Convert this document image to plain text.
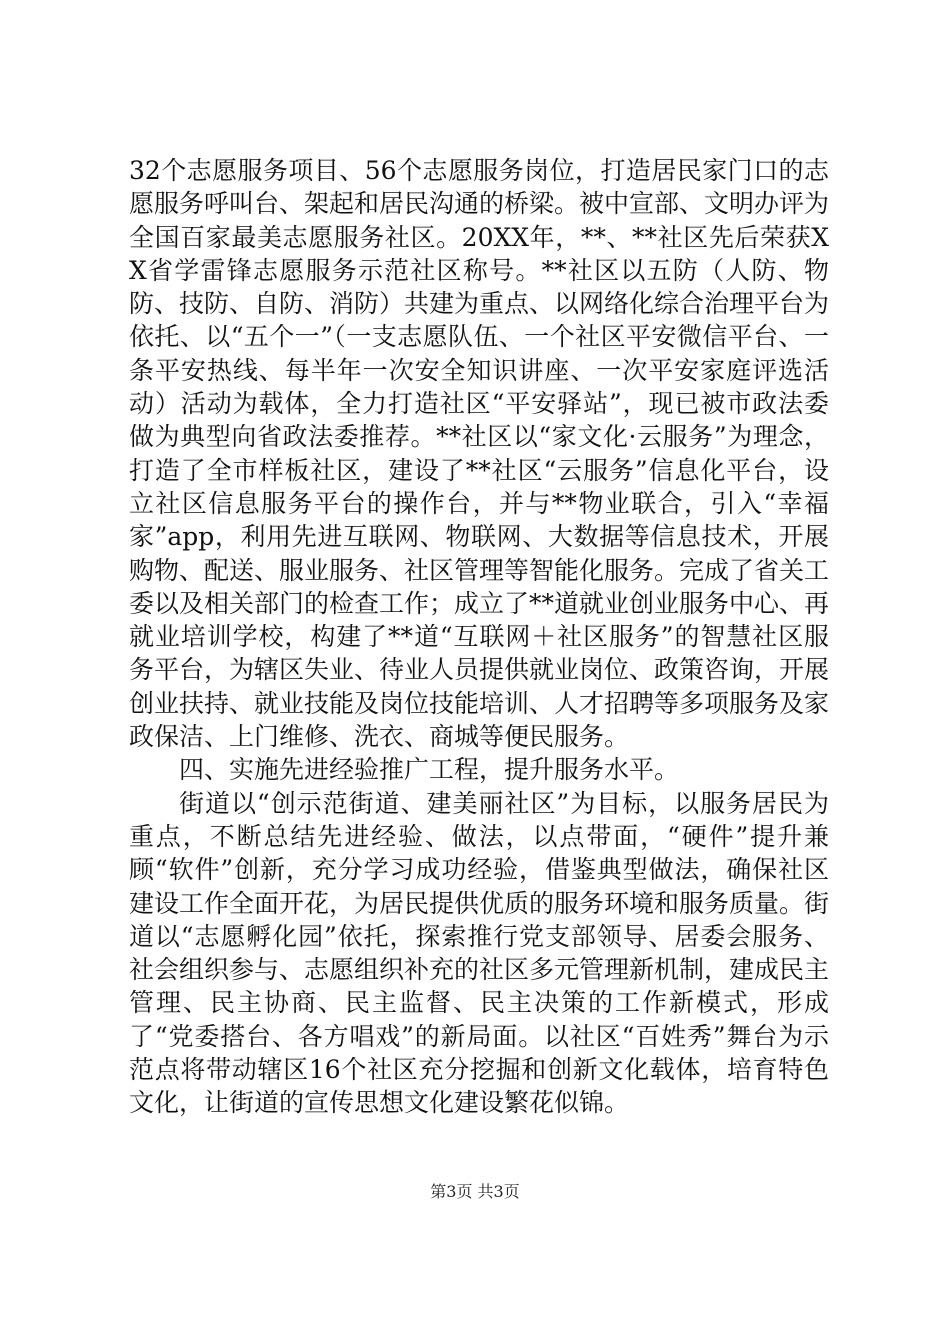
32个志愿服务项目、56个志愿服务岗位，打造居民家门口的志愿服务呼叫台、架起和居民沟通的桥梁。被中宣部、文明办评为全国百家最美志愿服务社区。20XX年，**、**社区先后荣获XX省学雷锋志愿服务示范社区称号。**社区以五防（人防、物防、技防、自防、消防）共建为重点、以网络化综合治理平台为依托、以“五个一”（一支志愿队伍、一个社区平安微信平台、一条平安热线、每半年一次安全知识讲座、一次平安家庭评选活动）活动为载体，全力打造社区“平安驿站”，现已被市政法委做为典型向省政法委推荐。**社区以“家文化·云服务”为理念，打造了全市样板社区，建设了**社区“云服务”信息化平台，设立社区信息服务平台的操作台，并与**物业联合，引入“幸福家”app，利用先进互联网、物联网、大数据等信息技术，开展购物、配送、服业服务、社区管理等智能化服务。完成了省关工委以及相关部门的检查工作；成立了**道就业创业服务中心、再就业培训学校，构建了**道“互联网＋社区服务”的智慧社区服务平台，为辖区失业、待业人员提供就业岗位、政策咨询，开展创业扶持、就业技能及岗位技能培训、人才招聘等多项服务及家政保洁、上门维修、洗衣、商城等便民服务。

四、实施先进经验推广工程，提升服务水平。

街道以“创示范街道、建美丽社区”为目标，以服务居民为重点，不断总结先进经验、做法，以点带面，“硬件”提升兼顾“软件”创新，充分学习成功经验，借鉴典型做法，确保社区建设工作全面开花，为居民提供优质的服务环境和服务质量。街道以“志愿孵化园”依托，探索推行党支部领导、居委会服务、社会组织参与、志愿组织补充的社区多元管理新机制，建成民主管理、民主协商、民主监督、民主决策的工作新模式，形成了“党委搭台、各方唱戏”的新局面。以社区“百姓秀”舞台为示范点将带动辖区16个社区充分挖掘和创新文化载体，培育特色文化，让街道的宣传思想文化建设繁花似锦。

第3页 共3页
